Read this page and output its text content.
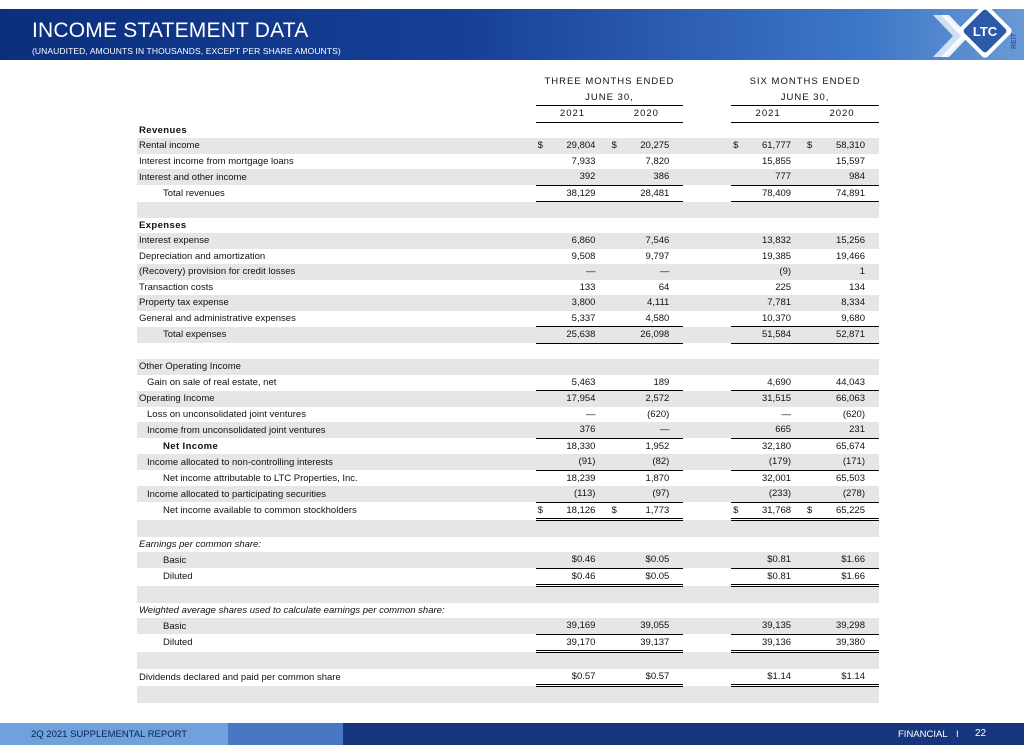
INCOME STATEMENT DATA
(UNAUDITED, AMOUNTS IN THOUSANDS, EXCEPT PER SHARE AMOUNTS)
LTC
REIT
	THREE MONTHS ENDED			SIX MONTHS ENDED	
	JUNE 30,			JUNE 30,	
	2021	2020		2021	2020
Revenues					
Rental income	$ 29,804	$ 20,275		$ 61,777	$ 58,310

Interest income from mortgage loans	7,933	7,820		15,855	15,597
Interest and other income	392	386		777	984
Total revenues	38,129	28,481		78,409	74,891

Expenses					
Interest expense	6,860	7,546		13,832	15,256
Depreciation and amortization	9,508	9,797		19,385	19,466
(Recovery) provision for credit losses	—	—		(9)	1
Transaction costs	133	64		225	134
Property tax expense	3,800	4,111		7,781	8,334
General and administrative expenses	5,337	4,580		10,370	9,680
Total expenses	25,638	26,098		51,584	52,871

Other Operating Income					
Gain on sale of real estate, net	5,463	189		4,690	44,043
Operating Income	17,954	2,572		31,515	66,063
Loss on unconsolidated joint ventures	—	(620)		—	(620)
Income from unconsolidated joint ventures	376	—		665	231
Net Income	18,330	1,952		32,180	65,674
Income allocated to non-controlling interests	(91)	(82)		(179)	(171)
Net income attributable to LTC Properties, Inc.	18,239	1,870		32,001	65,503
Income allocated to participating securities	(113)	(97)		(233)	(278)
Net income available to common stockholders	$ 18,126	$ 1,773		$ 31,768	$ 65,225

Earnings per common share:					
Basic	$0.46	$0.05		$0.81	$1.66
Diluted	$0.46	$0.05		$0.81	$1.66

Weighted average shares used to calculate earnings per common share:					
Basic	39,169	39,055		39,135	39,298
Diluted	39,170	39,137		39,136	39,380

Dividends declared and paid per common share	$0.57	$0.57		$1.14	$1.14

2Q 2021 SUPPLEMENTAL REPORT	FINANCIAL I 22
